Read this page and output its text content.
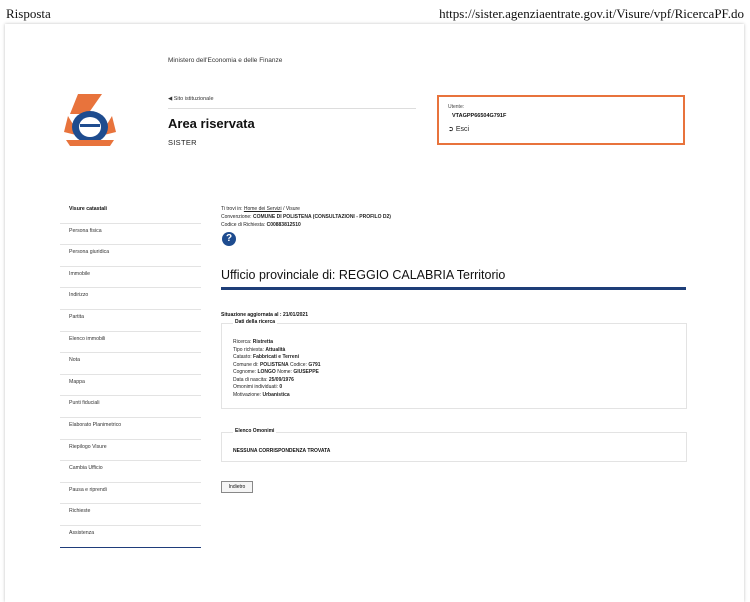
Risposta	https://sister.agenziaentrate.gov.it/Visure/vpf/RicercaPF.do
Ministero dell'Economia e delle Finanze
◀ Sito istituzionale
Area riservata
SISTER
Utente:
VTAGPP66504G791F
➲ Esci
Visure catastali
Persona fisica
Persona giuridica
Immobile
Indirizzo
Partita
Elenco immobili
Nota
Mappa
Punti fiduciali
Elaborato Planimetrico
Riepilogo Visure
Cambia Ufficio
Pausa e riprendi
Richieste
Assistenza
Ti trovi in: Home dei Servizi / Visure
Convenzione: COMUNE DI POLISTENA (CONSULTAZIONI - PROFILO D2)
Codice di Richiesta: C00883812510
?
Ufficio provinciale di: REGGIO CALABRIA Territorio
Situazione aggiornata al : 21/01/2021
Dati della ricerca
Ricerca: Ristretta
Tipo richiesta: Attualità
Catasto: Fabbricati e Terreni
Comune di: POLISTENA Codice: G791
Cognome: LONGO Nome: GIUSEPPE
Data di nascita: 25/09/1976
Omonimi individuati: 0
Motivazione: Urbanistica
Elenco Omonimi
NESSUNA CORRISPONDENZA TROVATA
Indietro
